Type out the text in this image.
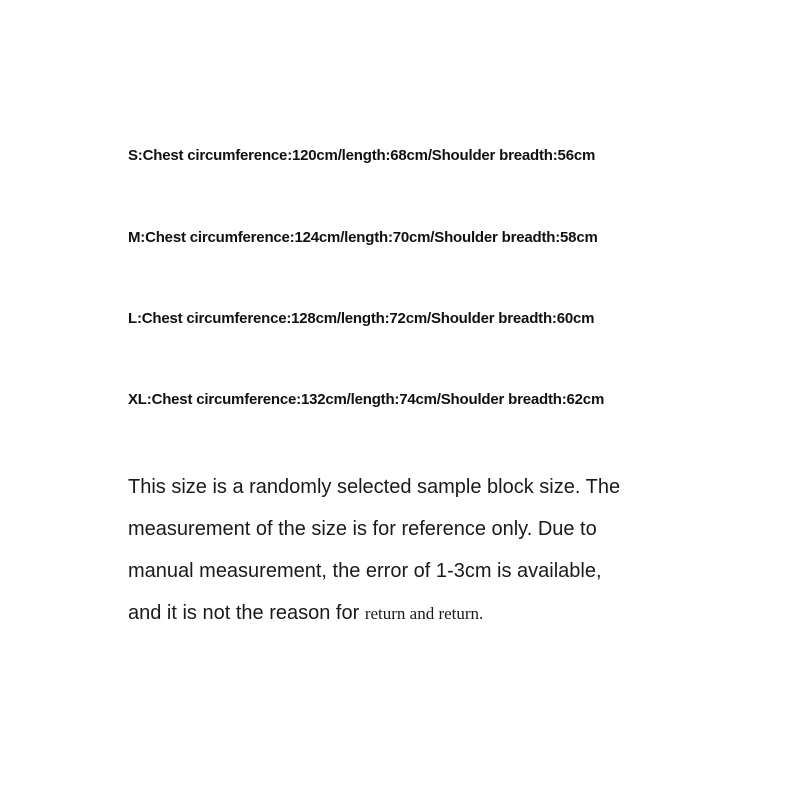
S:Chest circumference:120cm/length:68cm/Shoulder breadth:56cm
M:Chest circumference:124cm/length:70cm/Shoulder breadth:58cm
L:Chest circumference:128cm/length:72cm/Shoulder breadth:60cm
XL:Chest circumference:132cm/length:74cm/Shoulder breadth:62cm
This size is a randomly selected sample block size. The
measurement of the size is for reference only. Due to
manual measurement, the error of 1-3cm is available,
and it is not the reason for return and return.
